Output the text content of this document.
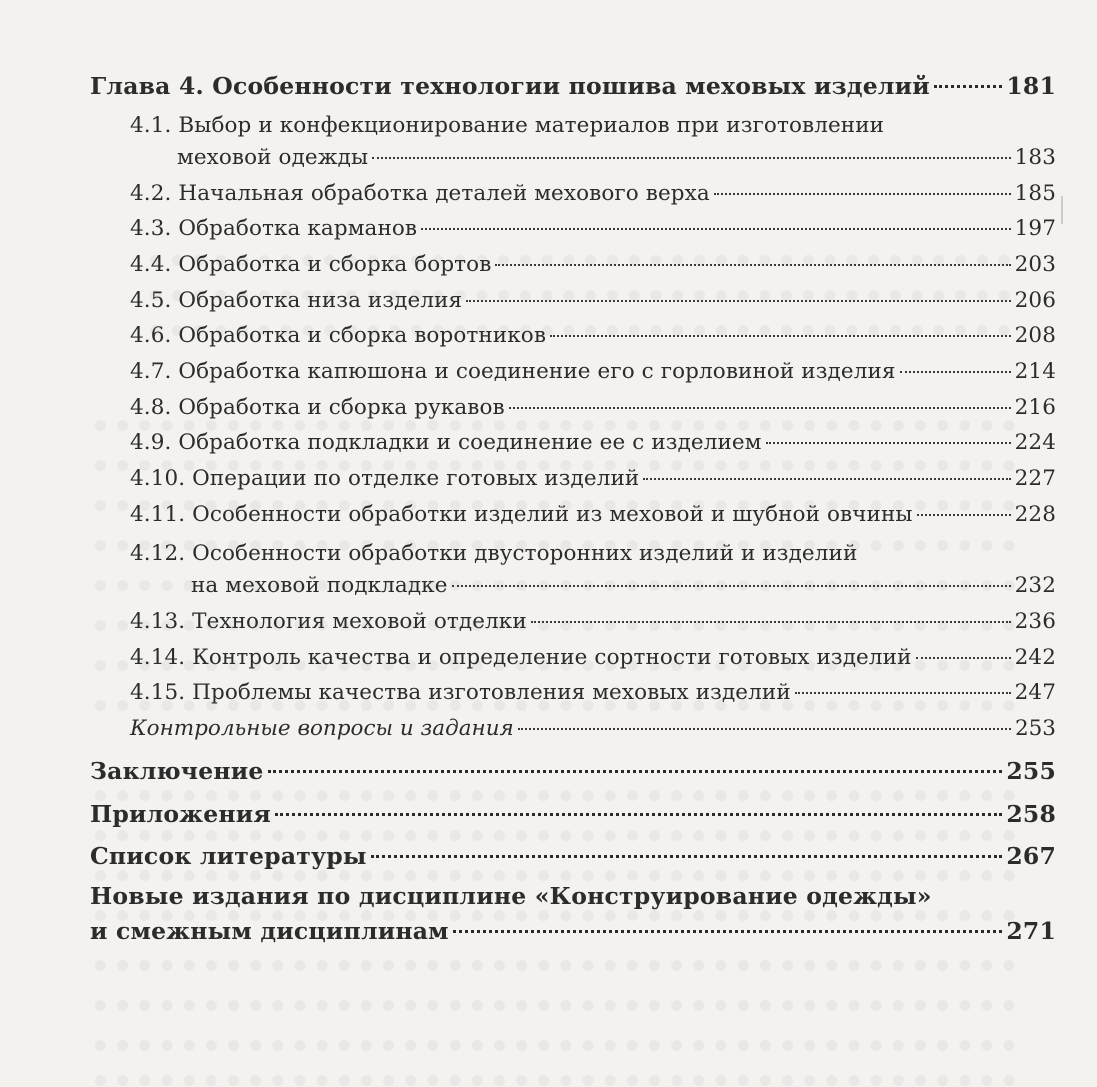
Глава 4. Особенности технологии пошива меховых изделий	181
4.1. Выбор и конфекционирование материалов при изготовлении
меховой одежды	183
4.2. Начальная обработка деталей мехового верха	185
4.3. Обработка карманов	197
4.4. Обработка и сборка бортов	203
4.5. Обработка низа изделия	206
4.6. Обработка и сборка воротников	208
4.7. Обработка капюшона и соединение его с горловиной изделия	214
4.8. Обработка и сборка рукавов	216
4.9. Обработка подкладки и соединение ее с изделием	224
4.10. Операции по отделке готовых изделий	227
4.11. Особенности обработки изделий из меховой и шубной овчины	228
4.12. Особенности обработки двусторонних изделий и изделий
на меховой подкладке	232
4.13. Технология меховой отделки	236
4.14. Контроль качества и определение сортности готовых изделий	242
4.15. Проблемы качества изготовления меховых изделий	247
Контрольные вопросы и задания	253
Заключение	255
Приложения	258
Список литературы	267
Новые издания по дисциплине «Конструирование одежды»
и смежным дисциплинам	271
